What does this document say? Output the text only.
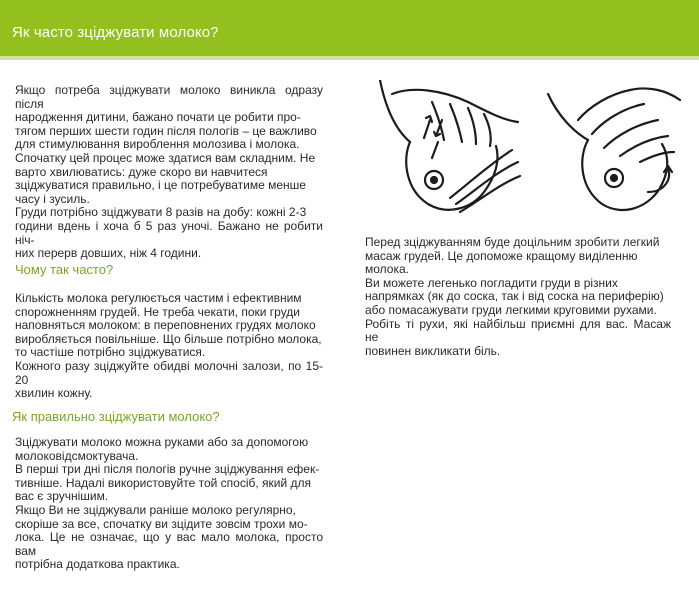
Як часто зціджувати молоко?

Якщо потреба зціджувати молоко виникла одразу після

народження дитини, бажано почати це робити про-

тягом перших шести годин після пологів – це важливо

для стимулювання вироблення молозива і молока.

Спочатку цей процес може здатися вам складним. Не

варто хвилюватись: дуже скоро ви навчитеся

зціджуватися правильно, і це потребуватиме менше

часу і зусиль.

Груди потрібно зціджувати 8 разів на добу: кожні 2-3

години вдень і хоча б 5 раз уночі. Бажано не робити ніч-

них перерв довших, ніж 4 години.

Чому так часто?

Кількість молока регулюється частим і ефективним

спорожненням грудей. Не треба чекати, поки груди

наповняться молоком: в переповнених грудях молоко

виробляється повільніше. Що більше потрібно молока,

то частіше потрібно зціджуватися.

Кожного разу зціджуйте обидві молочні залози, по 15-20

хвилин кожну.

Як правильно зціджувати молоко?

Зціджувати молоко можна руками або за допомогою

молоковідсмоктувача.

В перші три дні після пологів ручне зціджування ефек-

тивніше. Надалі використовуйте той спосіб, який для

вас є зручнішим.

Якщо Ви не зціджували раніше молоко регулярно,

скоріше за все, спочатку ви зцідите зовсім трохи мо-

лока. Це не означає, що у вас мало молока, просто вам

потрібна додаткова практика.

Перед зціджуванням буде доцільним зробити легкий

масаж грудей. Це допоможе кращому виділенню

молока.

Ви можете легенько погладити груди в різних

напрямках (як до соска, так і від соска на периферію)

або помасажувати груди легкими круговими рухами.

Робіть ті рухи, які найбільш приємні для вас. Масаж не

повинен викликати біль.
